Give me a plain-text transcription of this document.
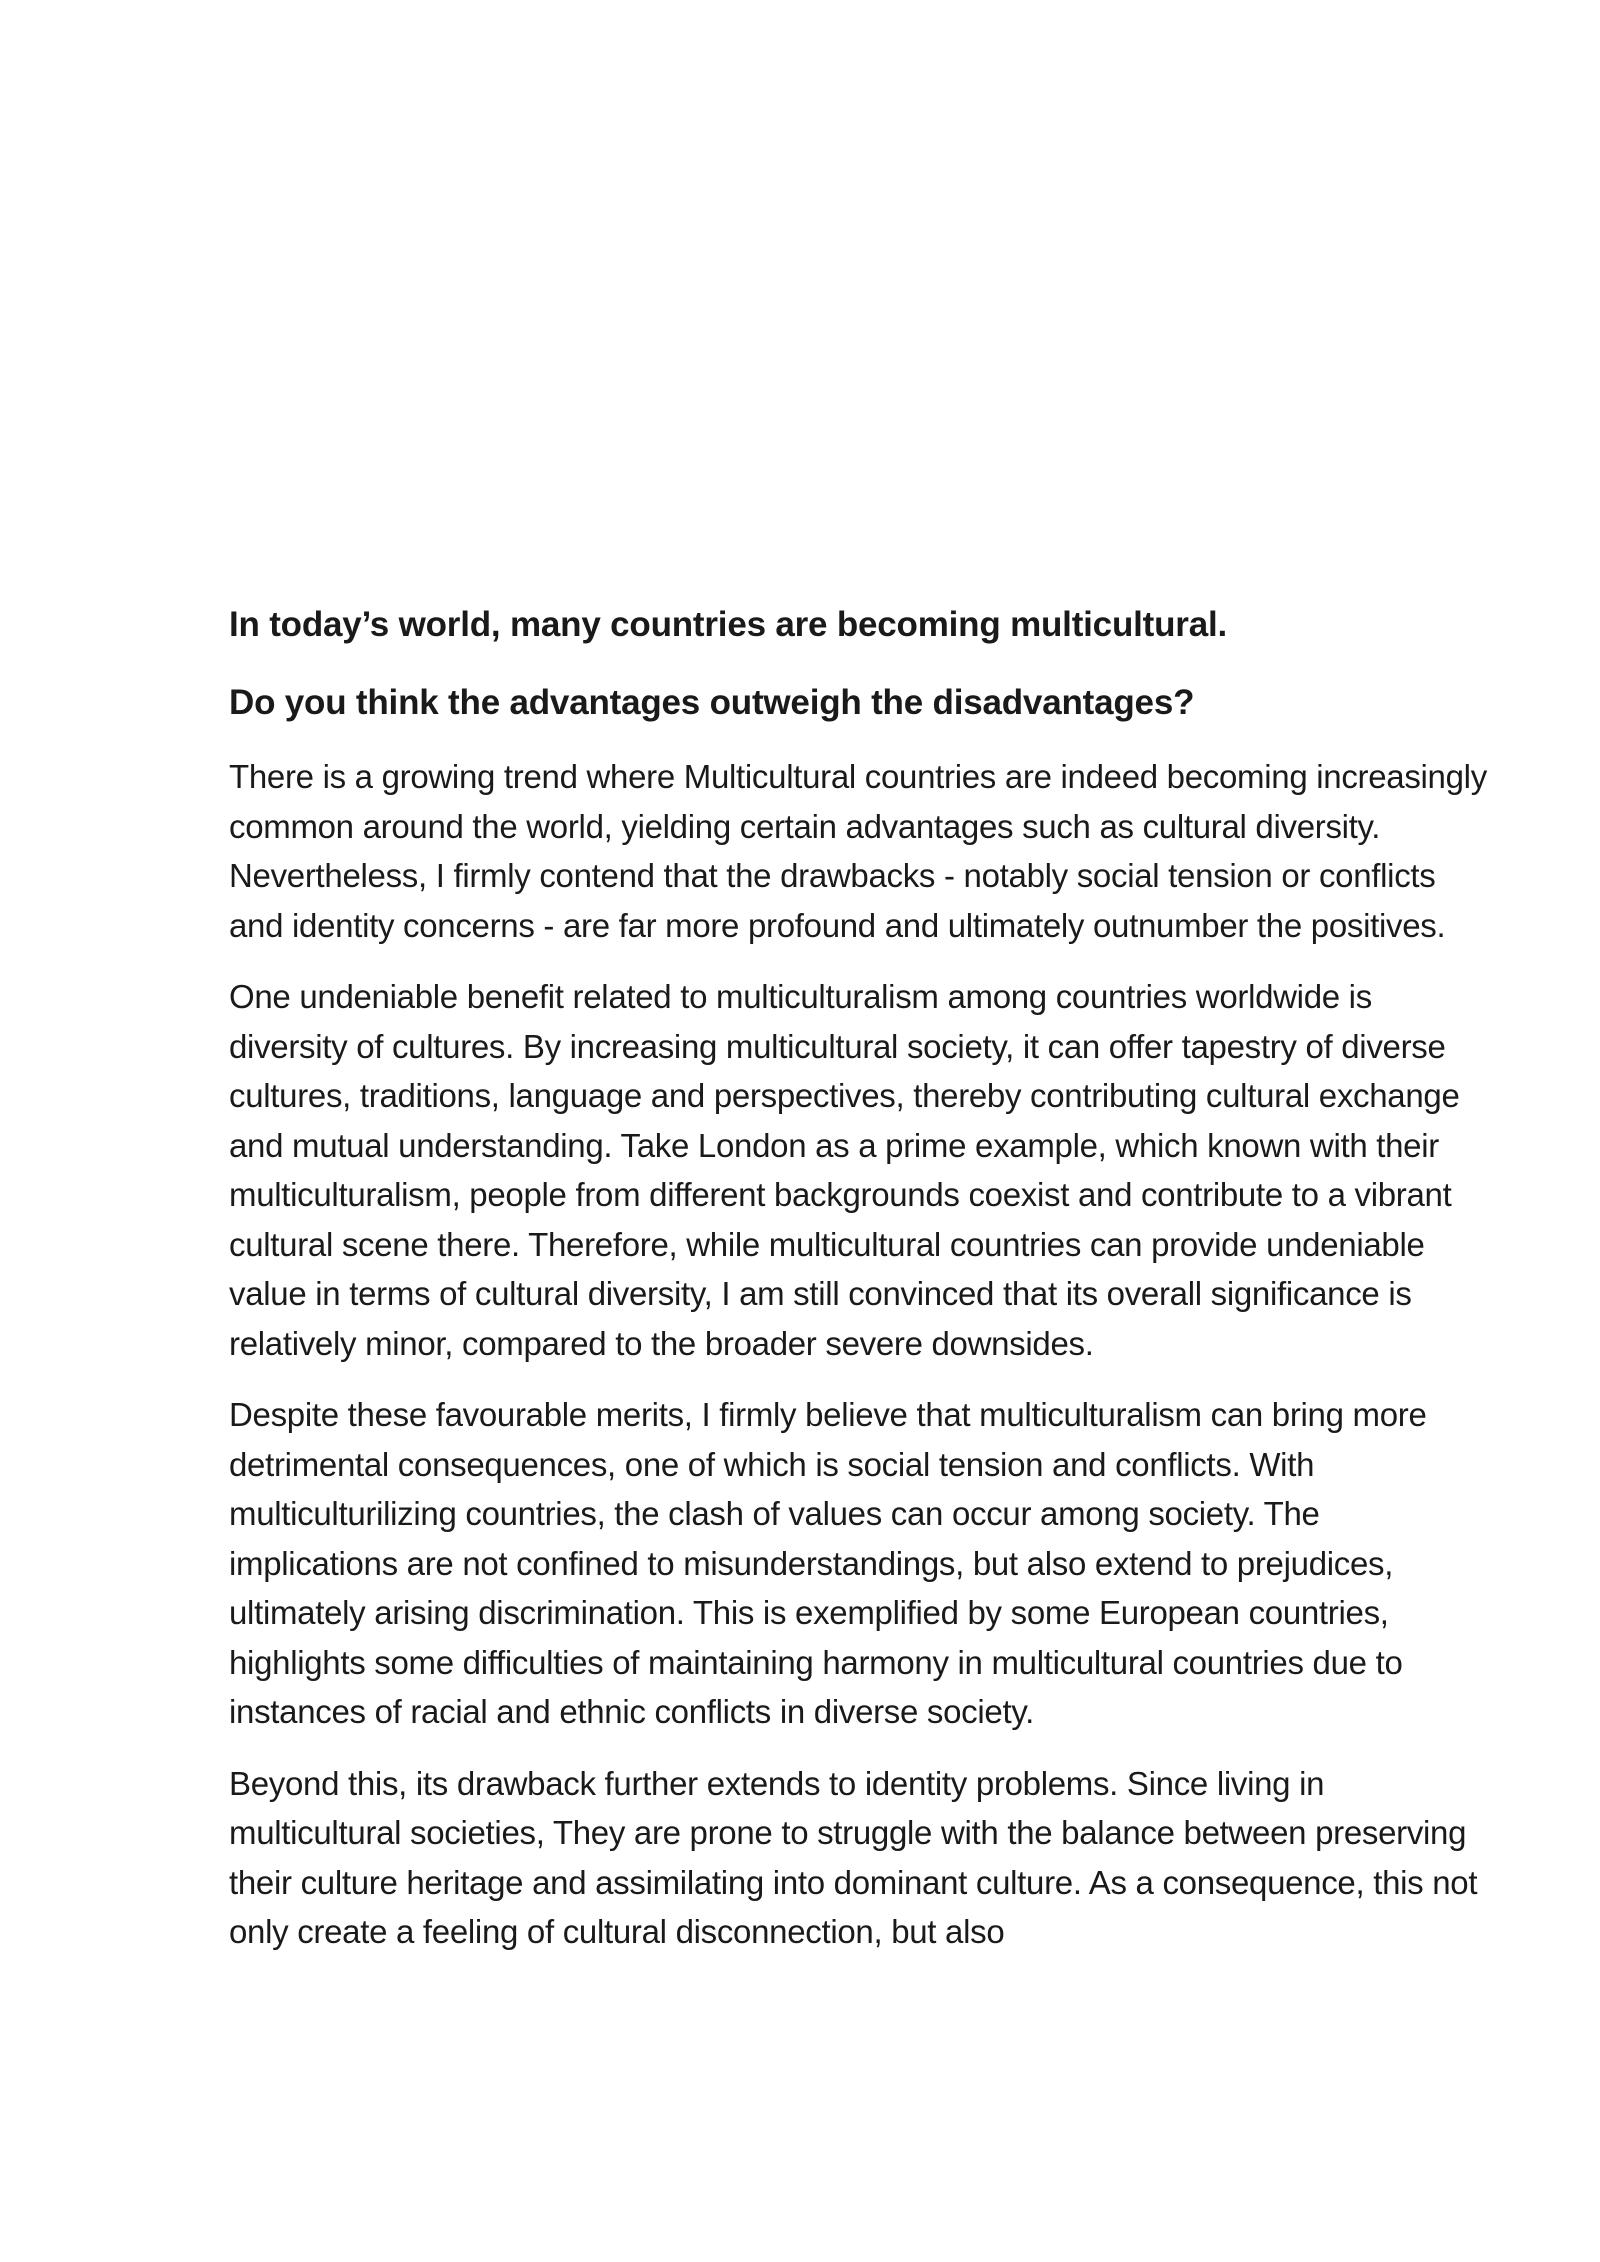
In today’s world, many countries are becoming multicultural.

Do you think the advantages outweigh the disadvantages?

There is a growing trend where Multicultural countries are indeed becoming increasingly common around the world, yielding certain advantages such as cultural diversity. Nevertheless, I firmly contend that the drawbacks - notably social tension or conflicts and identity concerns - are far more profound and ultimately outnumber the positives.

One undeniable benefit related to multiculturalism among countries worldwide is diversity of cultures. By increasing multicultural society, it can offer tapestry of diverse cultures, traditions, language and perspectives, thereby contributing cultural exchange and mutual understanding. Take London as a prime example, which known with their multiculturalism, people from different backgrounds coexist and contribute to a vibrant cultural scene there. Therefore, while multicultural countries can provide undeniable value in terms of cultural diversity, I am still convinced that its overall significance is relatively minor, compared to the broader severe downsides.

Despite these favourable merits, I firmly believe that multiculturalism can bring more detrimental consequences, one of which is social tension and conflicts. With multiculturilizing countries, the clash of values can occur among society. The implications are not confined to misunderstandings, but also extend to prejudices, ultimately arising discrimination. This is exemplified by some European countries, highlights some difficulties of maintaining harmony in multicultural countries due to instances of racial and ethnic conflicts in diverse society.

Beyond this, its drawback further extends to identity problems. Since living in multicultural societies, They are prone to struggle with the balance between preserving their culture heritage and assimilating into dominant culture. As a consequence, this not only create a feeling of cultural disconnection, but also
